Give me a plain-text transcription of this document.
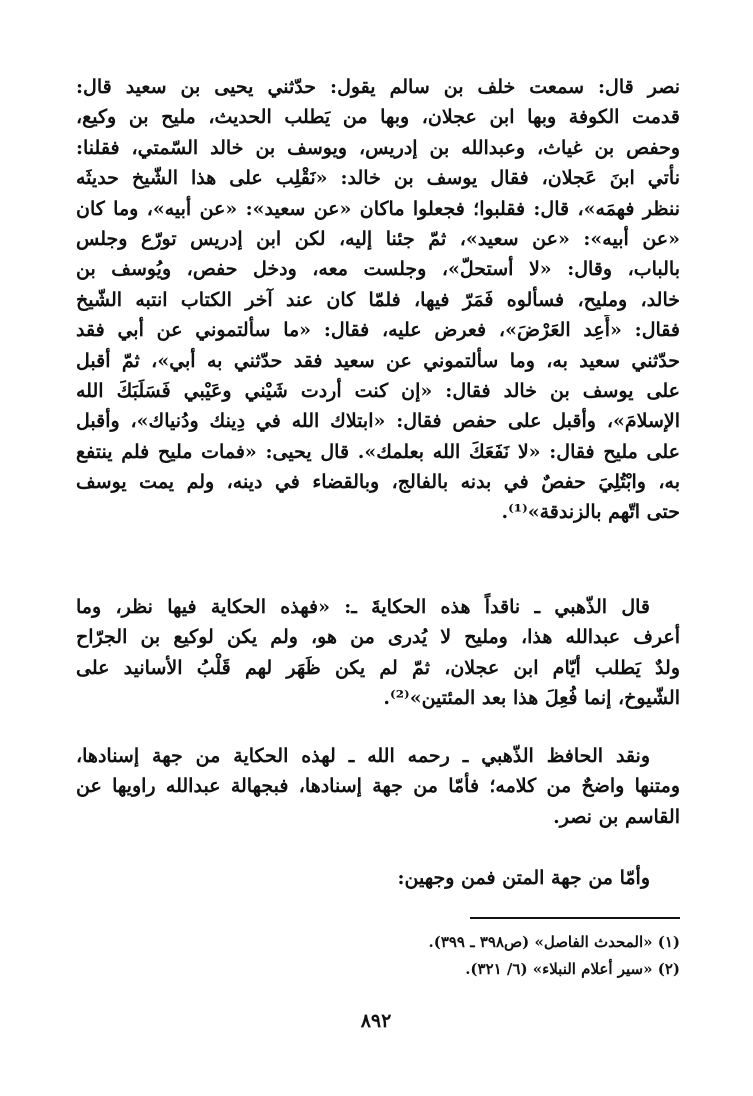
نصر قال: سمعت خلف بن سالم يقول: حدّثني يحيى بن سعيد قال:
قدمت الكوفة وبها ابن عجلان، وبها من يَطلب الحديث، مليح بن وكيع،
وحفص بن غياث، وعبدالله بن إدريس، ويوسف بن خالد السّمتي، فقلنا:
نأتي ابنَ عَجلان، فقال يوسف بن خالد: «نَقْلِب على هذا الشّيخ حديثَه
ننظر فهمَه»، قال: فقلبوا؛ فجعلوا ماكان «عن سعيد»: «عن أبيه»، وما كان
«عن أبيه»: «عن سعيد»، ثمّ جئنا إليه، لكن ابن إدريس تورّع وجلس
بالباب، وقال: «لا أستحلّ»، وجلست معه، ودخل حفص، ويُوسف بن
خالد، ومليح، فسألوه فَمَرّ فيها، فلمّا كان عند آخر الكتاب انتبه الشّيخ
فقال: «أَعِد العَرْضَ»، فعرض عليه، فقال: «ما سألتموني عن أبي فقد
حدّثني سعيد به، وما سألتموني عن سعيد فقد حدّثني به أبي»، ثمّ أقبل
على يوسف بن خالد فقال: «إن كنت أردت شَيْني وعَيْبي فَسَلَبَكَ الله
الإسلامَ»، وأقبل على حفص فقال: «ابتلاك الله في دِينك ودُنياك»، وأقبل
على مليح فقال: «لا نَفَعَكَ الله بعلمك». قال يحيى: «فمات مليح فلم ينتفع
به، وابْتُلِيَ حفصٌ في بدنه بالفالج، وبالقضاء في دينه، ولم يمت يوسف
حتى اتّهم بالزندقة»⁽¹⁾.
قال الذّهبي ـ ناقداً هذه الحكايةَ ـ: «فهذه الحكاية فيها نظر، وما
أعرف عبدالله هذا، ومليح لا يُدرى من هو، ولم يكن لوكيع بن الجرّاح
ولدٌ يَطلب أيّام ابن عجلان، ثمّ لم يكن ظَهَر لهم قَلْبُ الأسانيد على
الشّيوخ، إنما فُعِلَ هذا بعد المئتين»⁽²⁾.
ونقد الحافظ الذّهبي ـ رحمه الله ـ لهذه الحكاية من جهة إسنادها،
ومتنها واضحٌ من كلامه؛ فأمّا من جهة إسنادها، فبجهالة عبدالله راويها عن
القاسم بن نصر.
وأمّا من جهة المتن فمن وجهين:
(١) «المحدث الفاصل» (ص٣٩٨ ـ ٣٩٩).
(٢) «سير أعلام النبلاء» (٦/ ٣٢١).
٨٩٢
